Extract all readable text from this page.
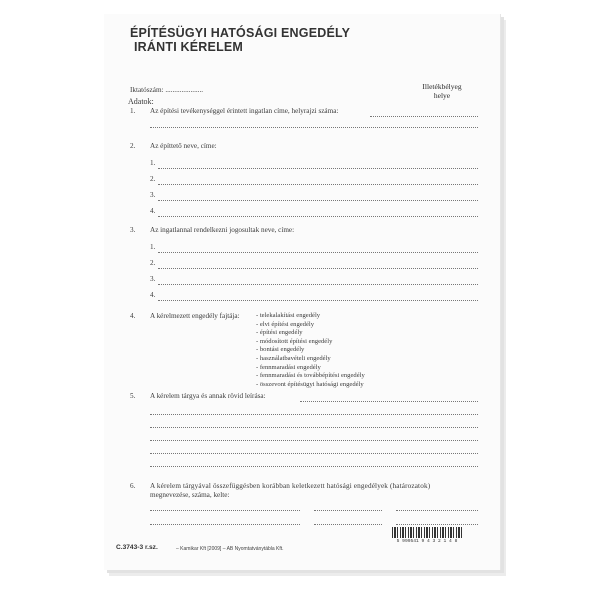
ÉPÍTÉSÜGYI HATÓSÁGI ENGEDÉLY
IRÁNTI KÉRELEM
Iktatószám: .....................	Illetékbélyeg
helye
Adatok:
1. Az építési tevékenységgel érintett ingatlan címe, helyrajzi száma:
2. Az építtető neve, címe:
1.
2.
3.
4.
3. Az ingatlannal rendelkezni jogosultak neve, címe:
1.
2.
3.
4.
4. A kérelmezett engedély fajtája: - telekalakítási engedély
- elvi építési engedély
- építési engedély
- módosított építési engedély
- bontási engedély
- használatbavételi engedély
- fennmaradási engedély
- fennmaradási és továbbépítési engedély
- összevont építésügyi hatósági engedély
5. A kérelem tárgya és annak rövid leírása:
6. A kérelem tárgyával összefüggésben korábban keletkezett hatósági engedélyek (határozatok)
megnevezése, száma, kelte:
C.3743-3 r.sz.	– Kamikar Kft [2009] – AB Nyomtatványtábla Kft.
5 999541 9 4 3 2 1 4 8
